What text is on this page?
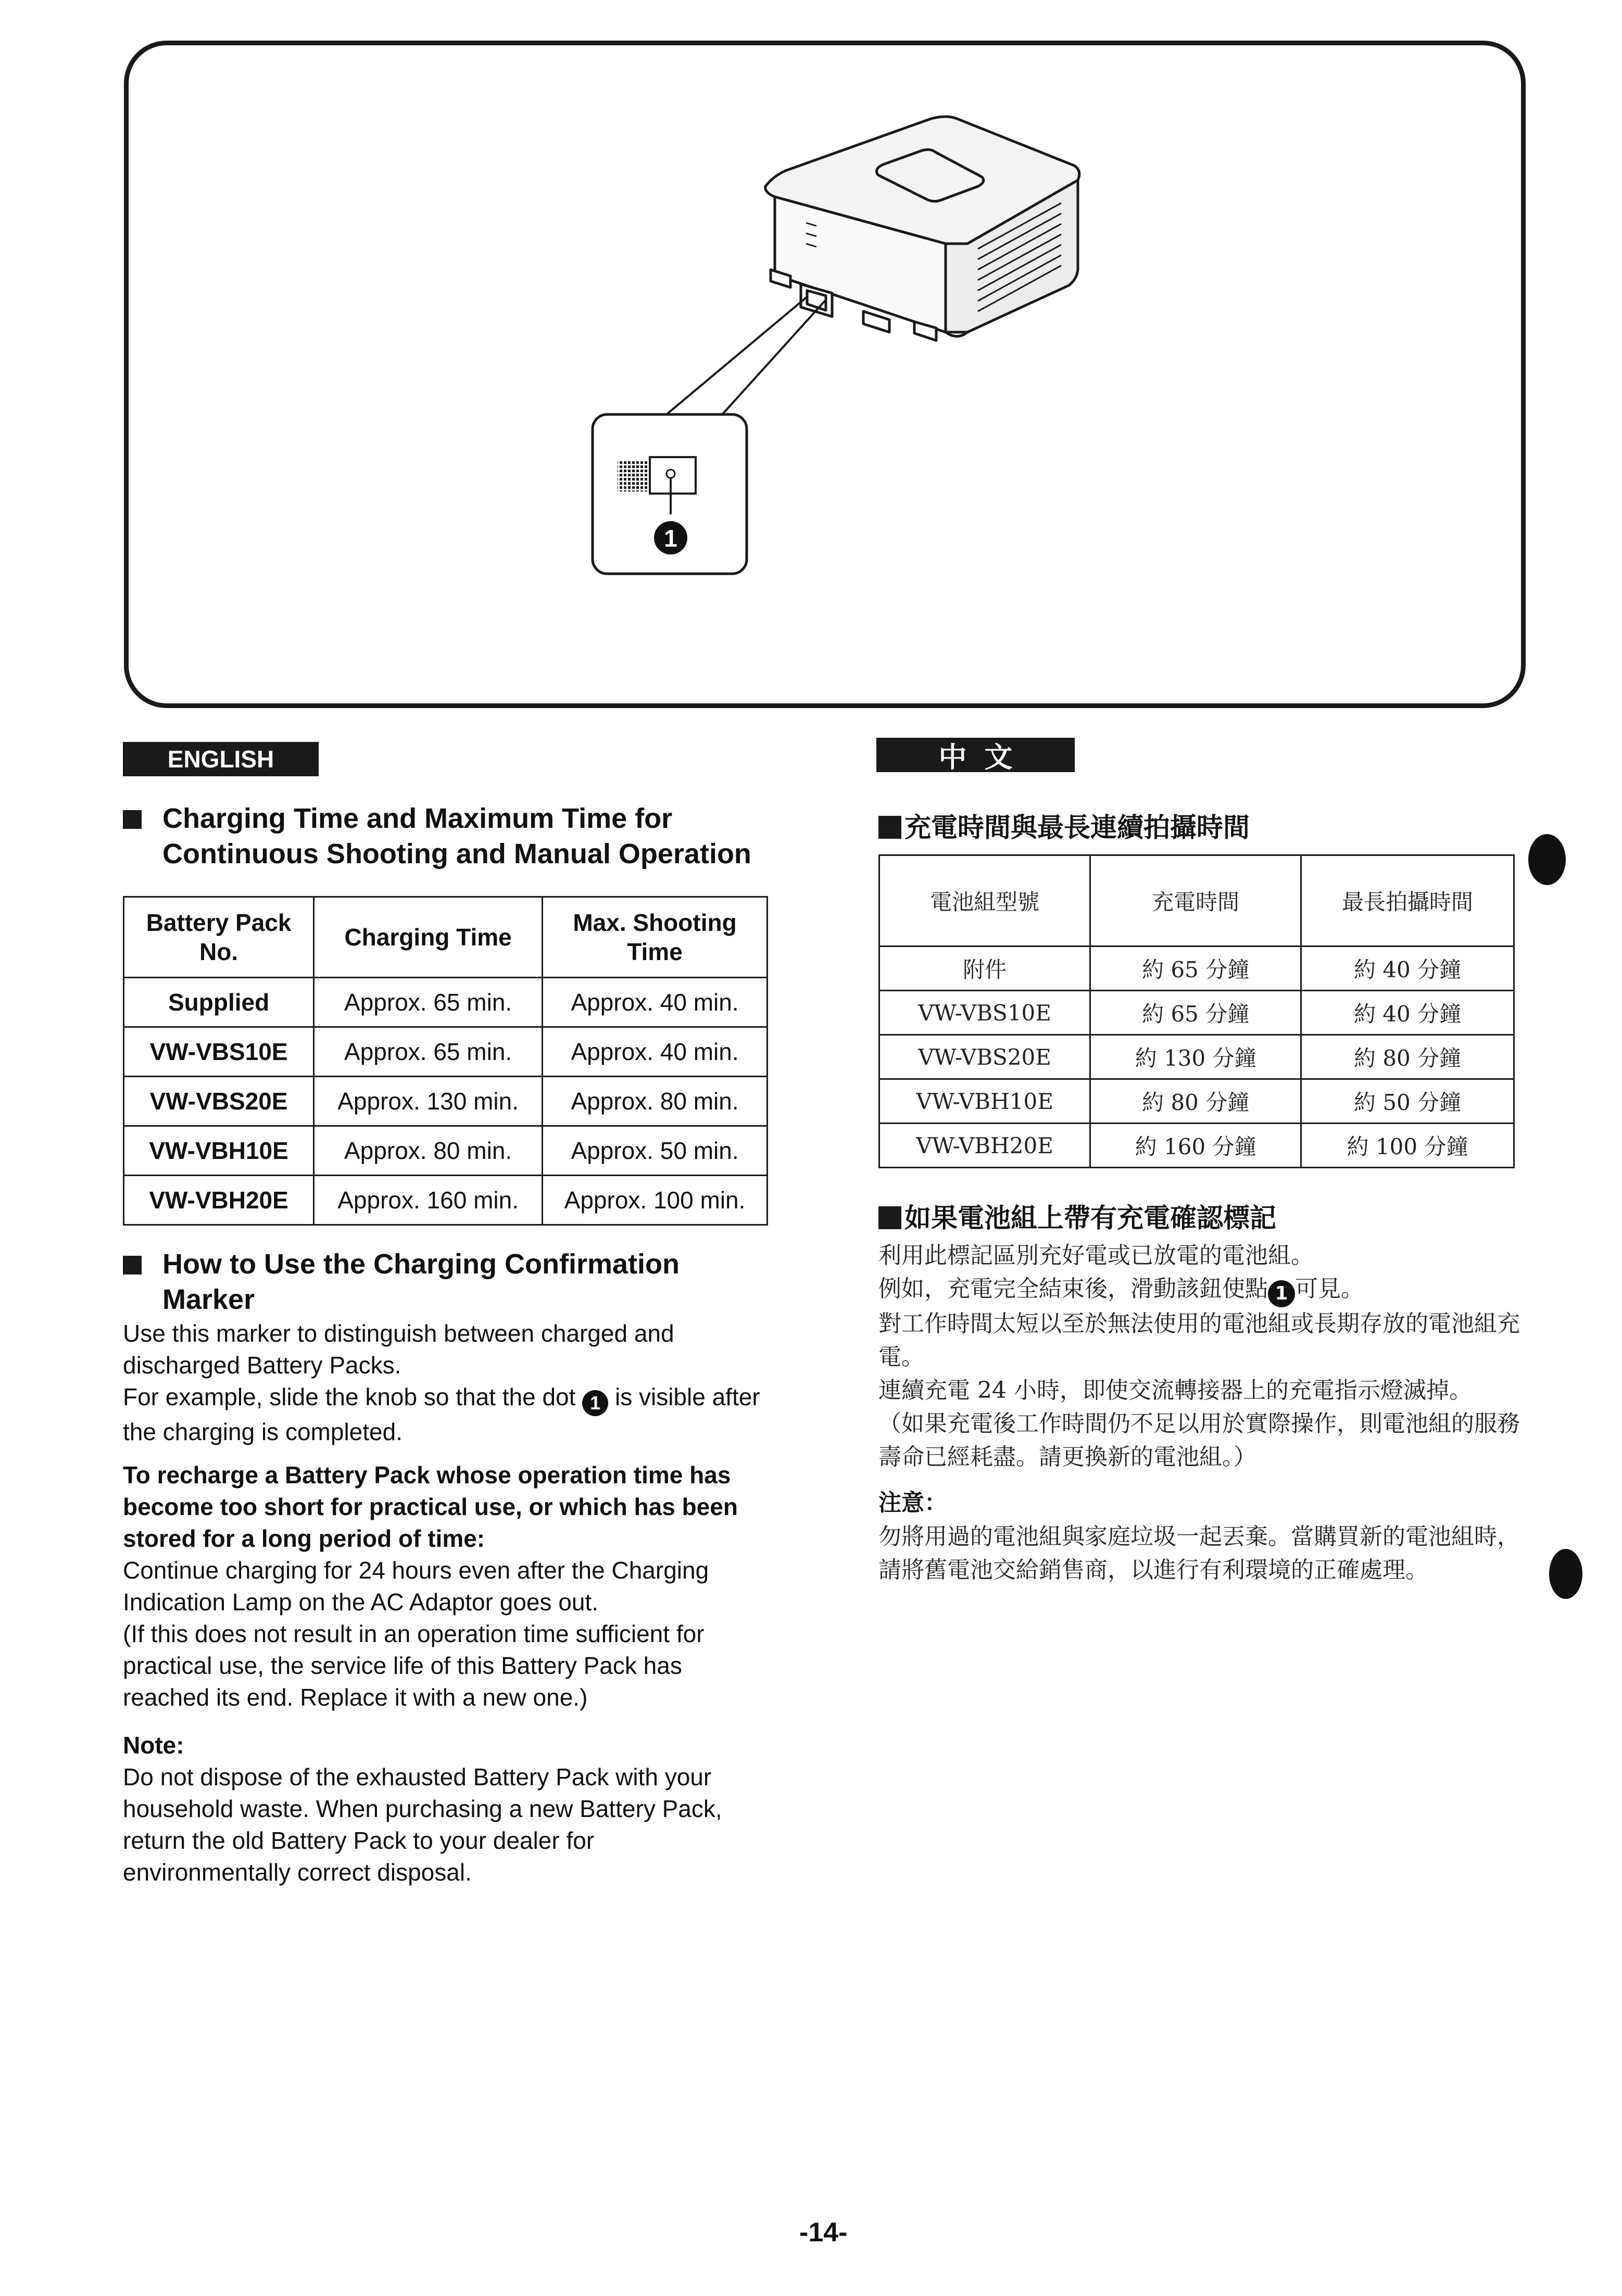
1
ENGLISH
Charging Time and Maximum Time for
Continuous Shooting and Manual Operation
Battery Pack No.	Charging Time	Max. Shooting Time
Supplied	Approx. 65 min.	Approx. 40 min.
VW-VBS10E	Approx. 65 min.	Approx. 40 min.
VW-VBS20E	Approx. 130 min.	Approx. 80 min.
VW-VBH10E	Approx. 80 min.	Approx. 50 min.
VW-VBH20E	Approx. 160 min.	Approx. 100 min.
How to Use the Charging Confirmation
Marker
Use this marker to distinguish between charged and discharged Battery Packs.
For example, slide the knob so that the dot 1 is visible after the charging is completed.
To recharge a Battery Pack whose operation time has become too short for practical use, or which has been stored for a long period of time:
Continue charging for 24 hours even after the Charging Indication Lamp on the AC Adaptor goes out.
(If this does not result in an operation time sufficient for practical use, the service life of this Battery Pack has reached its end. Replace it with a new one.)
Note:
Do not dispose of the exhausted Battery Pack with your household waste. When purchasing a new Battery Pack, return the old Battery Pack to your dealer for environmentally correct disposal.
中文
充電時間與最長連續拍攝時間
電池組型號	充電時間	最長拍攝時間
附件	約 65 分鐘	約 40 分鐘
VW-VBS10E	約 65 分鐘	約 40 分鐘
VW-VBS20E	約 130 分鐘	約 80 分鐘
VW-VBH10E	約 80 分鐘	約 50 分鐘
VW-VBH20E	約 160 分鐘	約 100 分鐘
如果電池組上帶有充電確認標記
利用此標記區別充好電或已放電的電池組。
例如，充電完全結束後，滑動該鈕使點 1 可見。
對工作時間太短以至於無法使用的電池組或長期存放的電池組充電。
連續充電 24 小時，即使交流轉接器上的充電指示燈滅掉。
（如果充電後工作時間仍不足以用於實際操作，則電池組的服務壽命已經耗盡。請更換新的電池組。）
注意：
勿將用過的電池組與家庭垃圾一起丟棄。當購買新的電池組時，請將舊電池交給銷售商，以進行有利環境的正確處理。
-14-
